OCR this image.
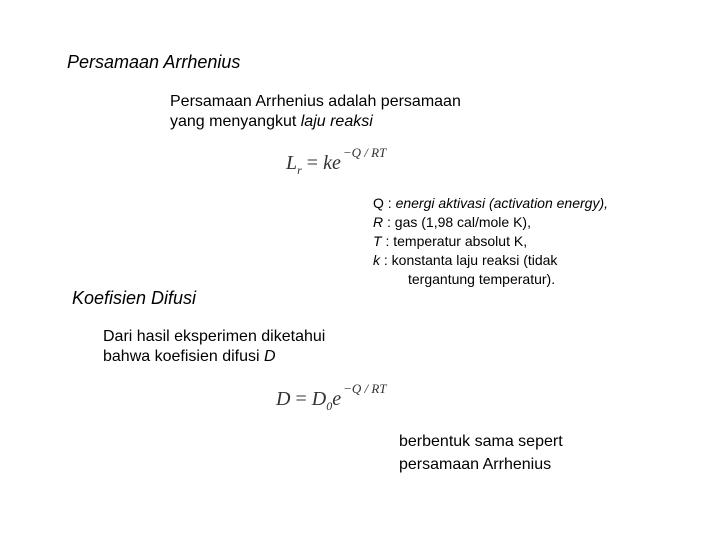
Persamaan Arrhenius
Persamaan Arrhenius adalah persamaan
yang menyangkut laju reaksi
$L_r$ = ke $^{-Q / RT}$
Q : energi aktivasi (activation energy),
R : gas (1,98 cal/mole K),
T : temperatur absolut K,
k : konstanta laju reaksi (tidak
tergantung temperatur).
Koefisien Difusi
Dari hasil eksperimen diketahui
bahwa koefisien difusi D
$D = D_0e$ $^{-Q / RT}$
berbentuk sama sepert
persamaan Arrhenius
